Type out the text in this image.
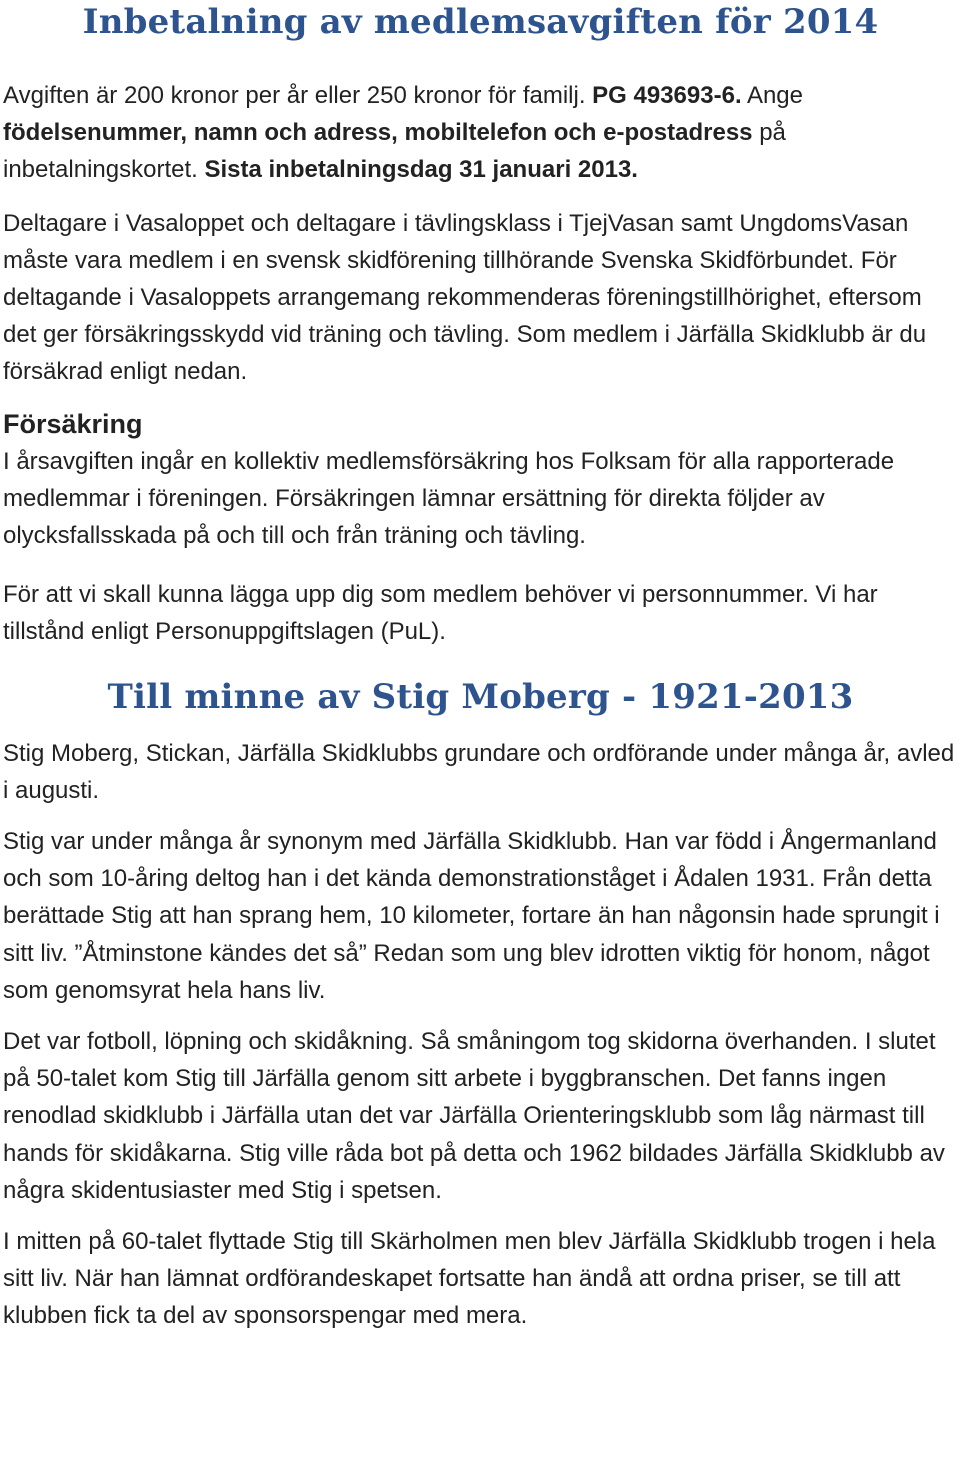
Inbetalning av medlemsavgiften för 2014

Avgiften är 200 kronor per år eller 250 kronor för familj. PG 493693-6. Ange födelsenummer, namn och adress, mobiltelefon och e-postadress på inbetalningskortet. Sista inbetalningsdag 31 januari 2013.

Deltagare i Vasaloppet och deltagare i tävlingsklass i TjejVasan samt UngdomsVasan måste vara medlem i en svensk skidförening tillhörande Svenska Skidförbundet. För deltagande i Vasaloppets arrangemang rekommenderas föreningstillhörighet, eftersom det ger försäkringsskydd vid träning och tävling. Som medlem i Järfälla Skidklubb är du försäkrad enligt nedan.

Försäkring

I årsavgiften ingår en kollektiv medlemsförsäkring hos Folksam för alla rapporterade medlemmar i föreningen. Försäkringen lämnar ersättning för direkta följder av olycksfallsskada på och till och från träning och tävling.

För att vi skall kunna lägga upp dig som medlem behöver vi personnummer. Vi har tillstånd enligt Personuppgiftslagen (PuL).

Till minne av Stig Moberg - 1921-2013

Stig Moberg, Stickan, Järfälla Skidklubbs grundare och ordförande under många år, avled i augusti.

Stig var under många år synonym med Järfälla Skidklubb. Han var född i Ångermanland och som 10-åring deltog han i det kända demonstrationståget i Ådalen 1931. Från detta berättade Stig att han sprang hem, 10 kilometer, fortare än han någonsin hade sprungit i sitt liv. ”Åtminstone kändes det så” Redan som ung blev idrotten viktig för honom, något som genomsyrat hela hans liv.

Det var fotboll, löpning och skidåkning. Så småningom tog skidorna överhanden. I slutet på 50-talet kom Stig till Järfälla genom sitt arbete i byggbranschen. Det fanns ingen renodlad skidklubb i Järfälla utan det var Järfälla Orienteringsklubb som låg närmast till hands för skidåkarna. Stig ville råda bot på detta och 1962 bildades Järfälla Skidklubb av några skidentusiaster med Stig i spetsen.

I mitten på 60-talet flyttade Stig till Skärholmen men blev Järfälla Skidklubb trogen i hela sitt liv. När han lämnat ordförandeskapet fortsatte han ändå att ordna priser, se till att klubben fick ta del av sponsorspengar med mera.
